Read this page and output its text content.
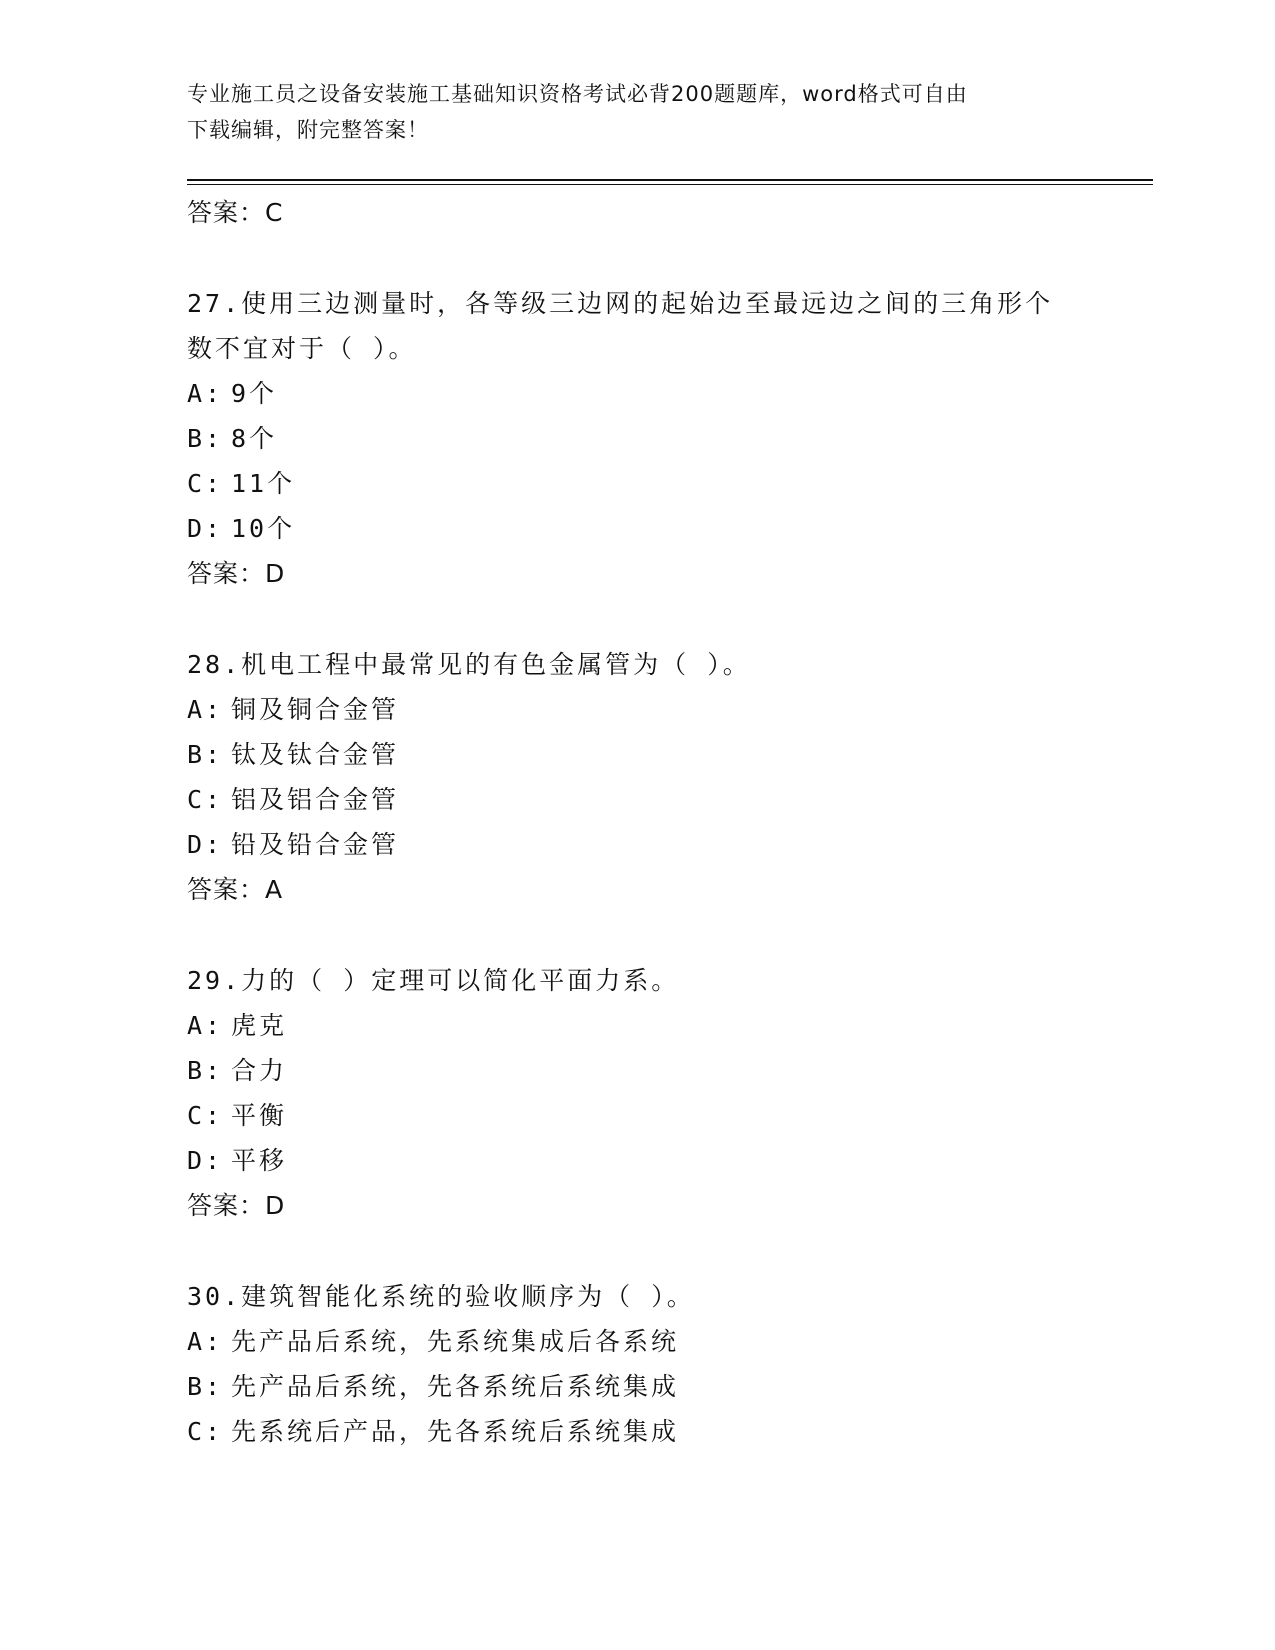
专业施工员之设备安装施工基础知识资格考试必背200题题库，word格式可自由
下载编辑，附完整答案！
答案：C
27.使用三边测量时，各等级三边网的起始边至最远边之间的三角形个
数不宜对于（ ）。
A: 9个
B: 8个
C: 11个
D: 10个
答案：D
28.机电工程中最常见的有色金属管为（ ）。
A: 铜及铜合金管
B: 钛及钛合金管
C: 铝及铝合金管
D: 铅及铅合金管
答案：A
29.力的（ ）定理可以简化平面力系。
A: 虎克
B: 合力
C: 平衡
D: 平移
答案：D
30.建筑智能化系统的验收顺序为（ ）。
A: 先产品后系统，先系统集成后各系统
B: 先产品后系统，先各系统后系统集成
C: 先系统后产品，先各系统后系统集成
